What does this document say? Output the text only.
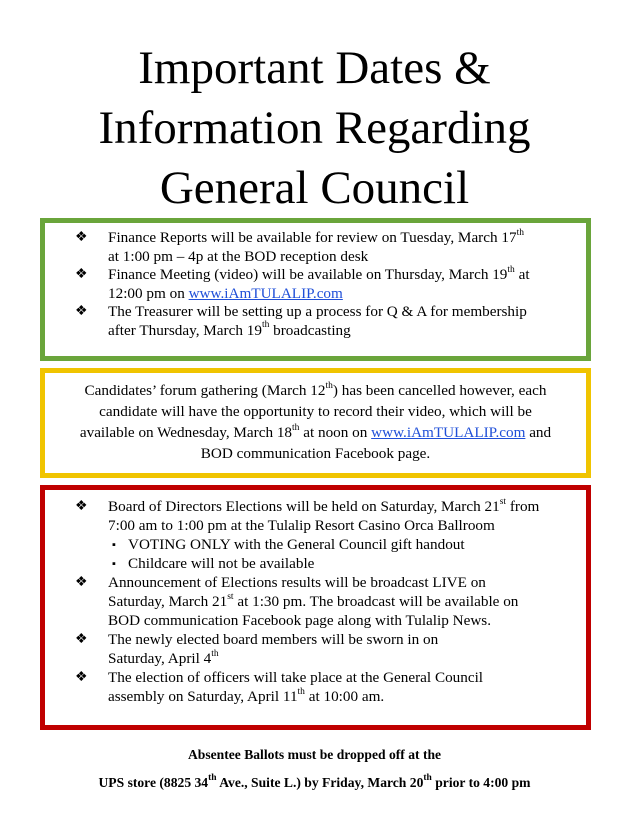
Important Dates &
Information Regarding
General Council
❖ Finance Reports will be available for review on Tuesday, March 17th
at 1:00 pm – 4p at the BOD reception desk
❖ Finance Meeting (video) will be available on Thursday, March 19th at
12:00 pm on www.iAmTULALIP.com
❖ The Treasurer will be setting up a process for Q & A for membership
after Thursday, March 19th broadcasting
Candidates’ forum gathering (March 12th) has been cancelled however, each
candidate will have the opportunity to record their video, which will be
available on Wednesday, March 18th at noon on www.iAmTULALIP.com and
BOD communication Facebook page.
❖ Board of Directors Elections will be held on Saturday, March 21st from
7:00 am to 1:00 pm at the Tulalip Resort Casino Orca Ballroom
▪ VOTING ONLY with the General Council gift handout
▪ Childcare will not be available
❖ Announcement of Elections results will be broadcast LIVE on
Saturday, March 21st at 1:30 pm. The broadcast will be available on
BOD communication Facebook page along with Tulalip News.
❖ The newly elected board members will be sworn in on
Saturday, April 4th
❖ The election of officers will take place at the General Council
assembly on Saturday, April 11th at 10:00 am.
Absentee Ballots must be dropped off at the
UPS store (8825 34th Ave., Suite L.) by Friday, March 20th prior to 4:00 pm
